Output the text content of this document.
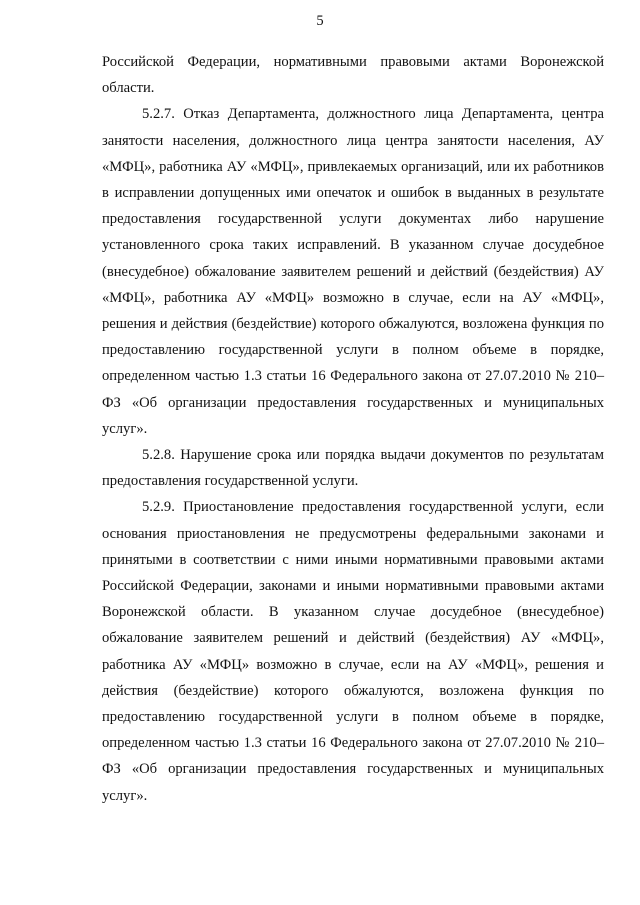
5

Российской Федерации, нормативными правовыми актами Воронежской области.

5.2.7. Отказ Департамента, должностного лица Департамента, центра занятости населения, должностного лица центра занятости населения, АУ «МФЦ», работника АУ «МФЦ», привлекаемых организаций, или их работников в исправлении допущенных ими опечаток и ошибок в выданных в результате предоставления государственной услуги документах либо нарушение установленного срока таких исправлений. В указанном случае досудебное (внесудебное) обжалование заявителем решений и действий (бездействия) АУ «МФЦ», работника АУ «МФЦ» возможно в случае, если на АУ «МФЦ», решения и действия (бездействие) которого обжалуются, возложена функция по предоставлению государственной услуги в полном объеме в порядке, определенном частью 1.3 статьи 16 Федерального закона от 27.07.2010 № 210–ФЗ «Об организации предоставления государственных и муниципальных услуг».

5.2.8. Нарушение срока или порядка выдачи документов по результатам предоставления государственной услуги.

5.2.9. Приостановление предоставления государственной услуги, если основания приостановления не предусмотрены федеральными законами и принятыми в соответствии с ними иными нормативными правовыми актами Российской Федерации, законами и иными нормативными правовыми актами Воронежской области. В указанном случае досудебное (внесудебное) обжалование заявителем решений и действий (бездействия) АУ «МФЦ», работника АУ «МФЦ» возможно в случае, если на АУ «МФЦ», решения и действия (бездействие) которого обжалуются, возложена функция по предоставлению государственной услуги в полном объеме в порядке, определенном частью 1.3 статьи 16 Федерального закона от 27.07.2010 № 210–ФЗ «Об организации предоставления государственных и муниципальных услуг».
